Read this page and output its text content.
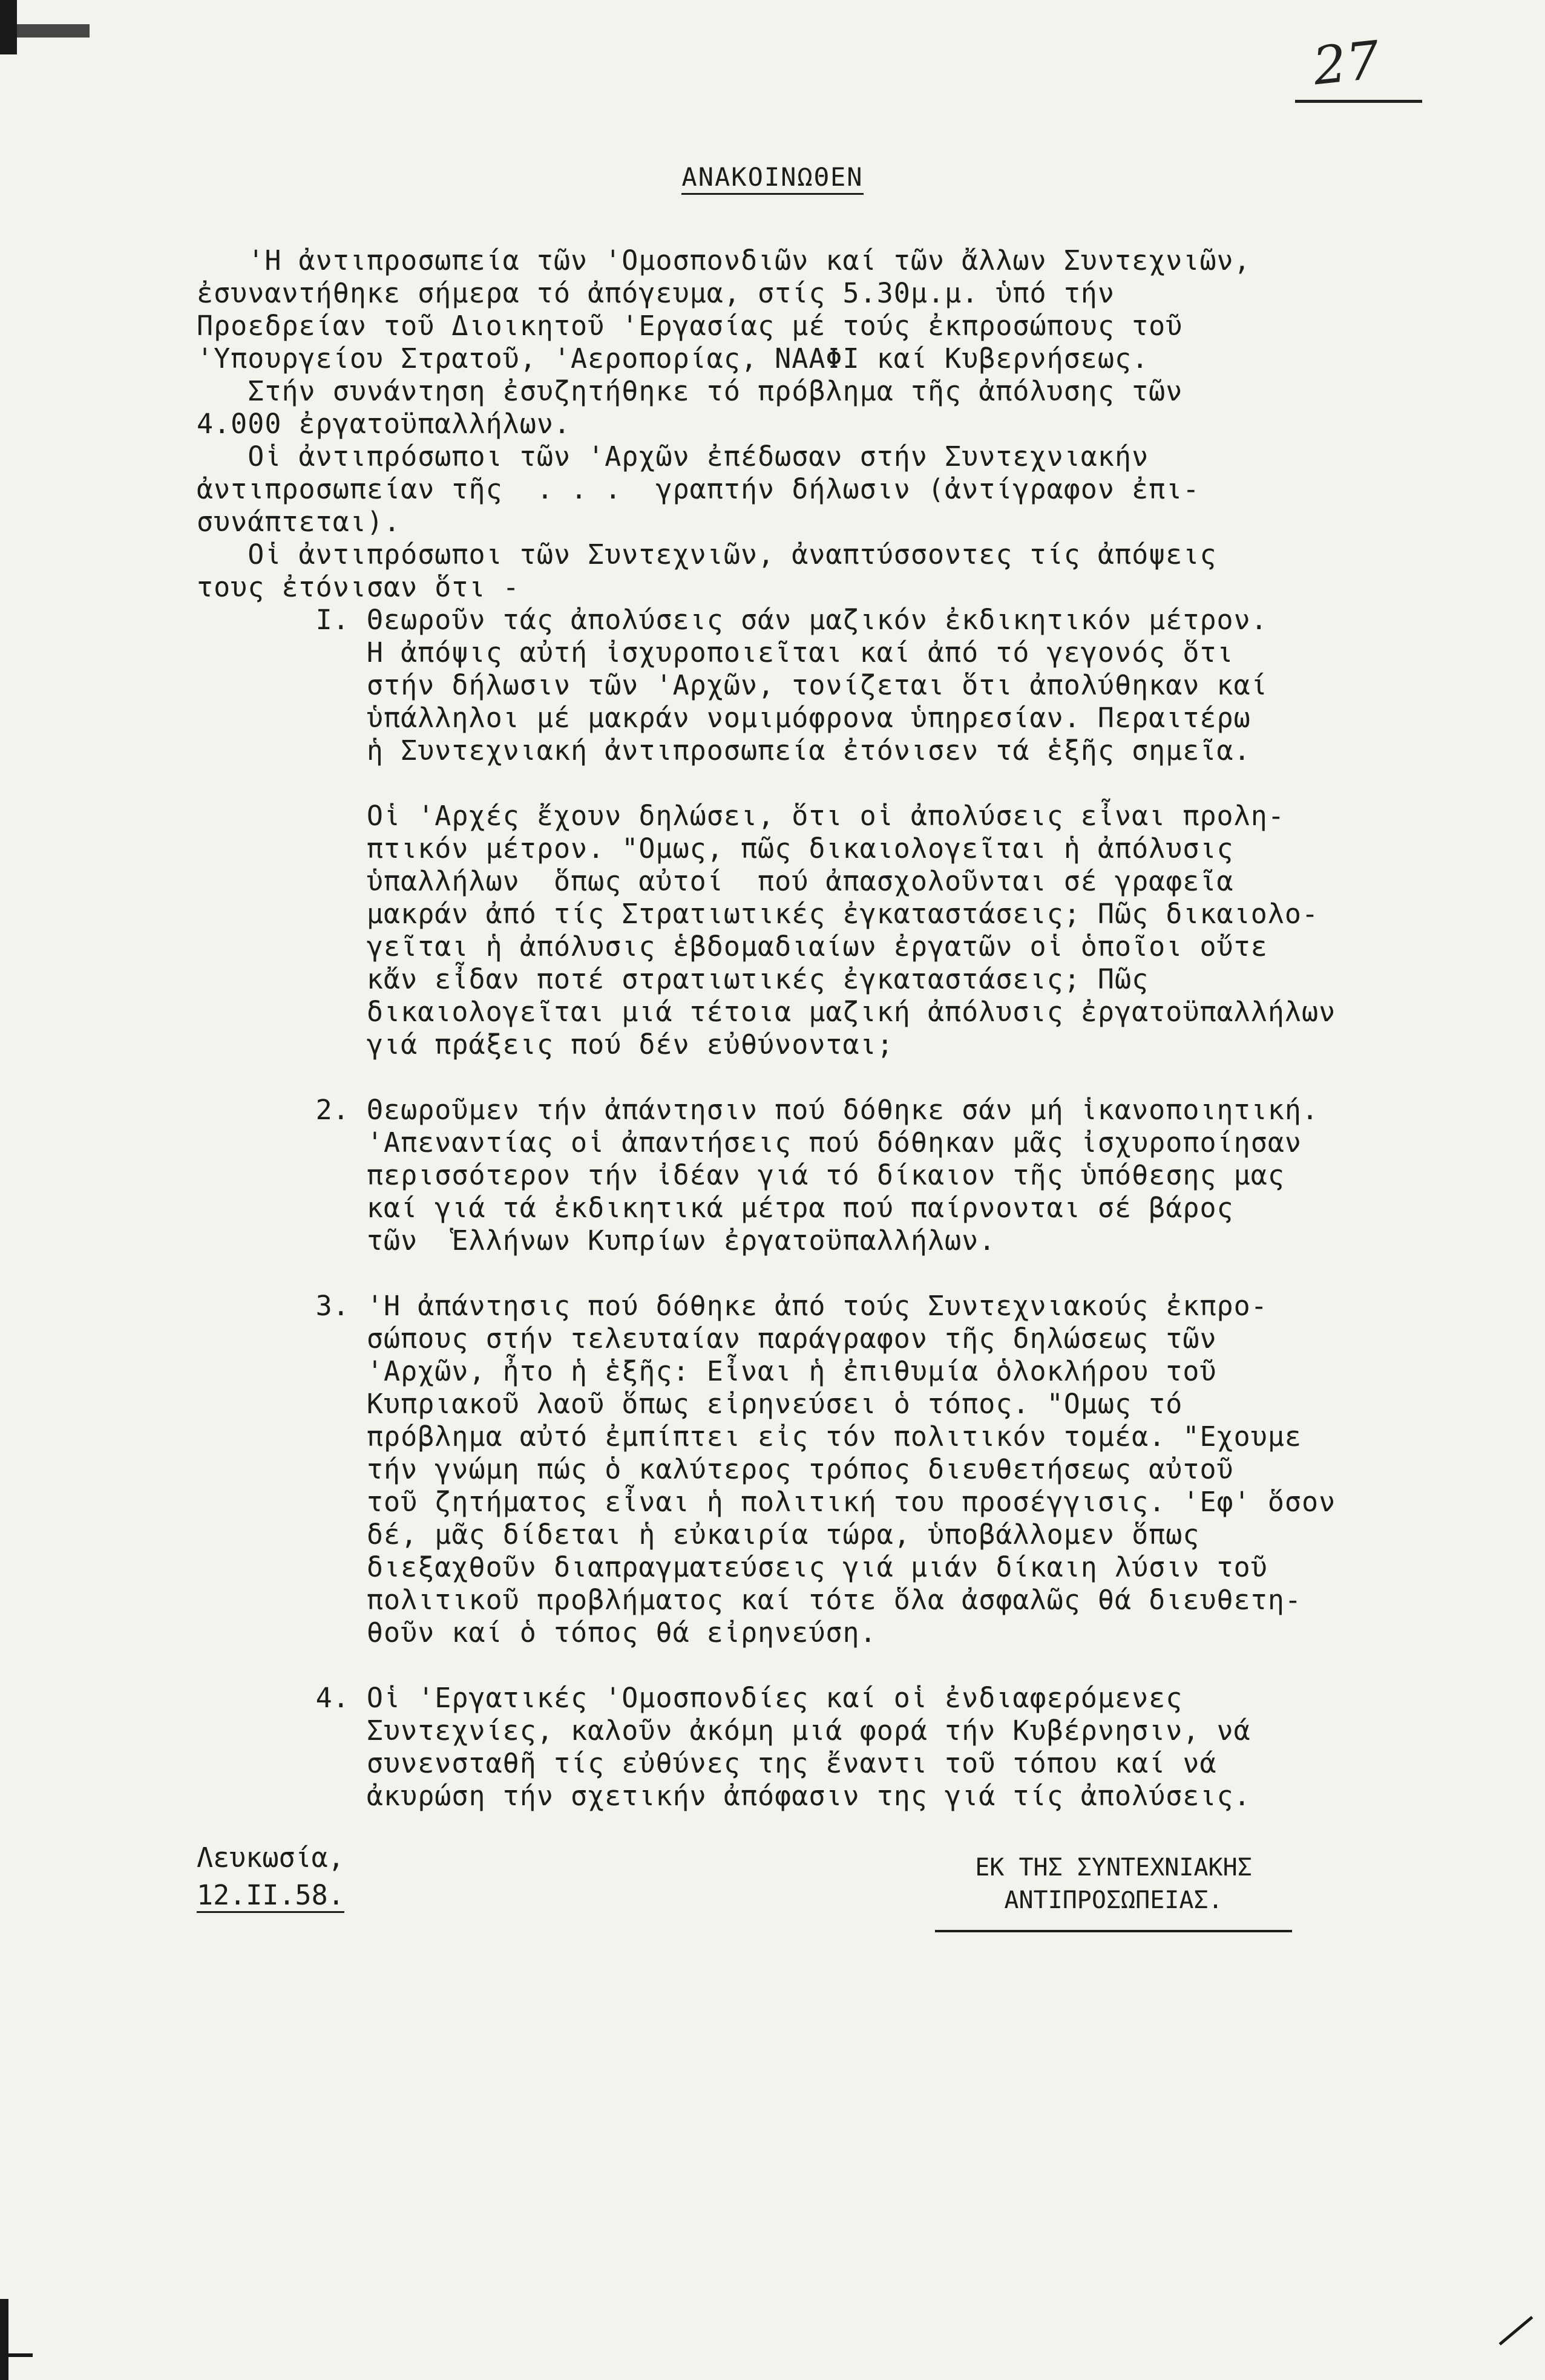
27
ΑΝΑΚΟΙΝΩΘΕΝ
'Η ἀντιπροσωπεία τῶν 'Ομοσπονδιῶν καί τῶν ἄλλων Συντεχνιῶν,
ἐσυναντήθηκε σήμερα τό ἀπόγευμα, στίς 5.30μ.μ. ὑπό τήν
Προεδρείαν τοῦ Διοικητοῦ 'Εργασίας μέ τούς ἐκπροσώπους τοῦ
'Υπουργείου Στρατοῦ, 'Αεροπορίας, ΝΑΑΦΙ καί Κυβερνήσεως.
Στήν συνάντηση ἐσυζητήθηκε τό πρόβλημα τῆς ἀπόλυσης τῶν
4.000 ἐργατοϋπαλλήλων.
Οἱ ἀντιπρόσωποι τῶν 'Αρχῶν ἐπέδωσαν στήν Συντεχνιακήν
ἀντιπροσωπείαν τῆς  . . .  γραπτήν δήλωσιν (ἀντίγραφον ἐπι-
συνάπτεται).
Οἱ ἀντιπρόσωποι τῶν Συντεχνιῶν, ἀναπτύσσοντες τίς ἀπόψεις
τους ἐτόνισαν ὅτι -
I. Θεωροῦν τάς ἀπολύσεις σάν μαζικόν ἐκδικητικόν μέτρον.
Η ἀπόψις αὐτή ἰσχυροποιεῖται καί ἀπό τό γεγονός ὅτι
στήν δήλωσιν τῶν 'Αρχῶν, τονίζεται ὅτι ἀπολύθηκαν καί
ὑπάλληλοι μέ μακράν νομιμόφρονα ὑπηρεσίαν. Περαιτέρω
ἡ Συντεχνιακή ἀντιπροσωπεία ἐτόνισεν τά ἑξῆς σημεῖα.
Οἱ 'Αρχές ἔχουν δηλώσει, ὅτι οἱ ἀπολύσεις εἶναι προλη-
πτικόν μέτρον. "Ομως, πῶς δικαιολογεῖται ἡ ἀπόλυσις
ὑπαλλήλων  ὅπως αὐτοί  πού ἀπασχολοῦνται σέ γραφεῖα
μακράν ἀπό τίς Στρατιωτικές ἐγκαταστάσεις; Πῶς δικαιολο-
γεῖται ἡ ἀπόλυσις ἑβδομαδιαίων ἐργατῶν οἱ ὁποῖοι οὔτε
κἄν εἶδαν ποτέ στρατιωτικές ἐγκαταστάσεις; Πῶς
δικαιολογεῖται μιά τέτοια μαζική ἀπόλυσις ἐργατοϋπαλλήλων
γιά πράξεις πού δέν εὐθύνονται;
2. Θεωροῦμεν τήν ἀπάντησιν πού δόθηκε σάν μή ἱκανοποιητική.
'Απεναντίας οἱ ἀπαντήσεις πού δόθηκαν μᾶς ἰσχυροποίησαν
περισσότερον τήν ἰδέαν γιά τό δίκαιον τῆς ὑπόθεσης μας
καί γιά τά ἐκδικητικά μέτρα πού παίρνονται σέ βάρος
τῶν  Ἑλλήνων Κυπρίων ἐργατοϋπαλλήλων.
3. 'Η ἀπάντησις πού δόθηκε ἀπό τούς Συντεχνιακούς ἐκπρο-
σώπους στήν τελευταίαν παράγραφον τῆς δηλώσεως τῶν
'Αρχῶν, ἦτο ἡ ἑξῆς: Εἶναι ἡ ἐπιθυμία ὁλοκλήρου τοῦ
Κυπριακοῦ λαοῦ ὅπως εἰρηνεύσει ὁ τόπος. "Ομως τό
πρόβλημα αὐτό ἐμπίπτει εἰς τόν πολιτικόν τομέα. "Εχουμε
τήν γνώμη πώς ὁ καλύτερος τρόπος διευθετήσεως αὐτοῦ
τοῦ ζητήματος εἶναι ἡ πολιτική του προσέγγισις. 'Εφ' ὅσον
δέ, μᾶς δίδεται ἡ εὐκαιρία τώρα, ὑποβάλλομεν ὅπως
διεξαχθοῦν διαπραγματεύσεις γιά μιάν δίκαιη λύσιν τοῦ
πολιτικοῦ προβλήματος καί τότε ὅλα ἀσφαλῶς θά διευθετη-
θοῦν καί ὁ τόπος θά εἰρηνεύση.
4. Οἱ 'Εργατικές 'Ομοσπονδίες καί οἱ ἐνδιαφερόμενες
Συντεχνίες, καλοῦν ἀκόμη μιά φορά τήν Κυβέρνησιν, νά
συνενσταθῆ τίς εὐθύνες της ἔναντι τοῦ τόπου καί νά
ἀκυρώση τήν σχετικήν ἀπόφασιν της γιά τίς ἀπολύσεις.
Λευκωσία,
12.II.58.
ΕΚ ΤΗΣ ΣΥΝΤΕΧΝΙΑΚΗΣ
ΑΝΤΙΠΡΟΣΩΠΕΙΑΣ.
